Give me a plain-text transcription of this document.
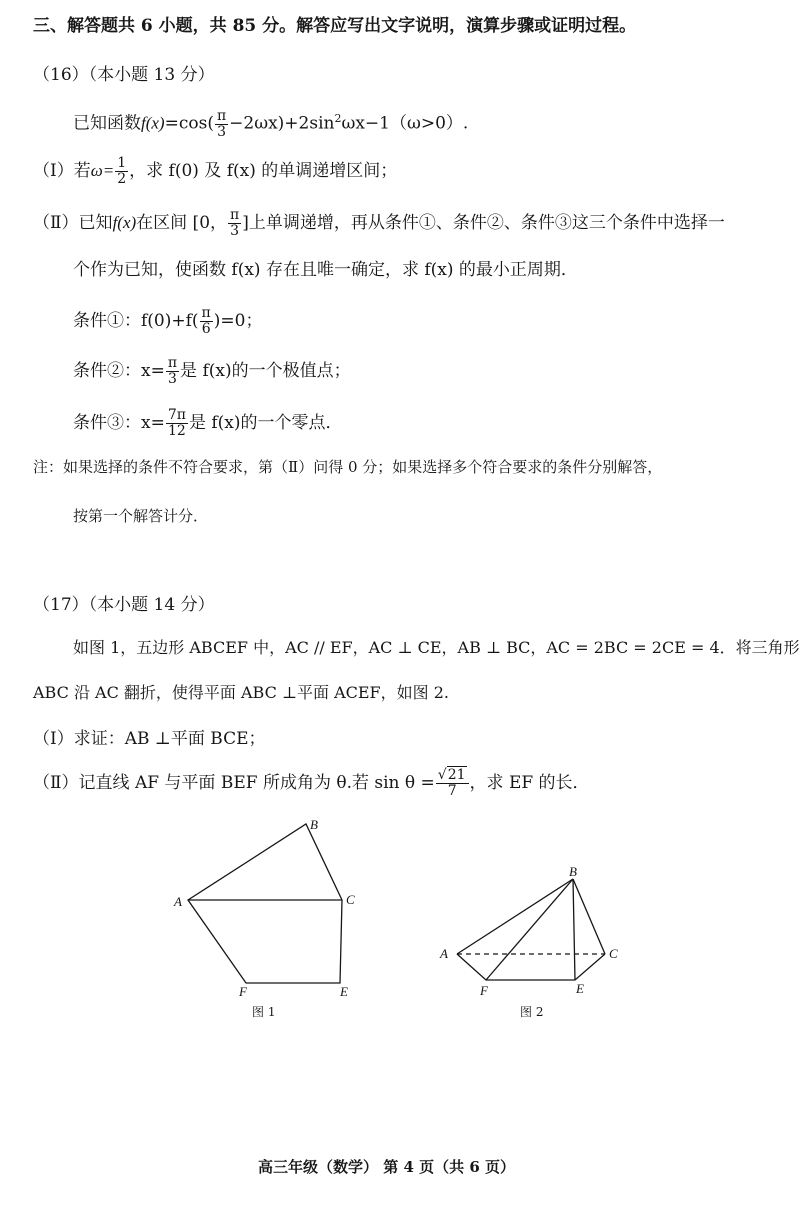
三、解答题共 6 小题，共 85 分。解答应写出文字说明，演算步骤或证明过程。
（16）（本小题 13 分）
已知函数$f(x)=\cos( \frac{\pi}{3} -2\omega x)+2\sin^2\omega x-1(\omega>0)$.
（Ⅰ）若$\omega= \frac{1}{2}$ ，求 f(0) 及 f(x) 的单调递增区间；
（Ⅱ）已知f(x)在区间 [0， $\frac{\pi}{3}$ ]上单调递增，再从条件①、条件②、条件③这三个条件中选择一
个作为已知，使函数 f(x) 存在且唯一确定，求 f(x) 的最小正周期．
条件①：$f(0)+f( \frac{\pi}{6} )=0$；
条件②：$x= \frac{\pi}{3}$ 是 f(x)的一个极值点；
条件③：$x= \frac{7\pi}{12}$ 是 f(x)的一个零点．
注：如果选择的条件不符合要求，第（Ⅱ）问得 0 分；如果选择多个符合要求的条件分别解答，
按第一个解答计分．
（17）（本小题 14 分）
如图 1，五边形 ABCEF 中，AC // EF，AC ⊥ CE，AB ⊥ BC，AC = 2BC = 2CE = 4．将三角形
ABC 沿 AC 翻折，使得平面 ABC ⊥平面 ACEF，如图 2.
（Ⅰ）求证：AB ⊥平面 BCE；
（Ⅱ）记直线 AF 与平面 BEF 所成角为 θ.若 $\sin \theta = \frac{√21}{7}$ ，求 EF 的长．
A
B
C
E
F
图 1
A
B
C
E
F
图 2
高三年级（数学） 第 4 页（共 6 页）
